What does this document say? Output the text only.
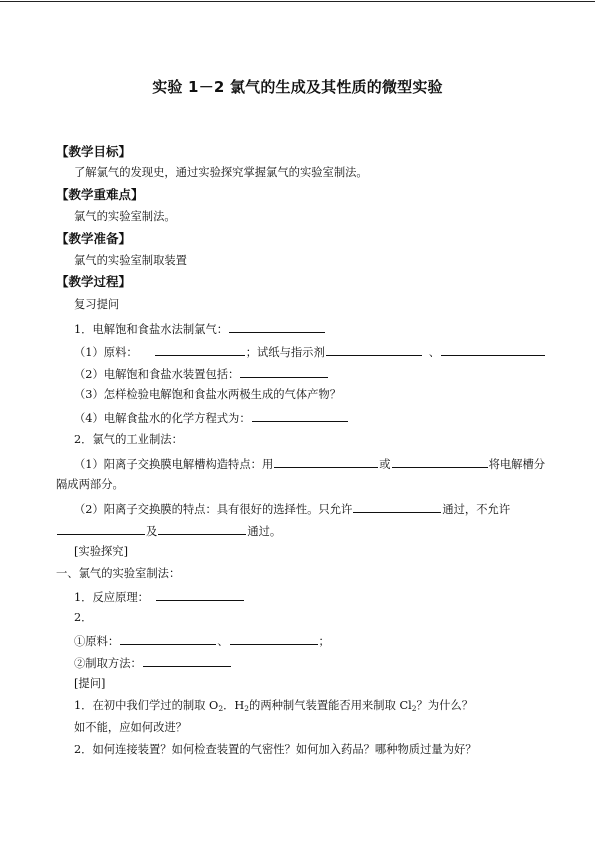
实验 1－2 氯气的生成及其性质的微型实验
【教学目标】
了解氯气的发现史，通过实验探究掌握氯气的实验室制法。
【教学重难点】
氯气的实验室制法。
【教学准备】
氯气的实验室制取装置
【教学过程】
复习提问
1．电解饱和食盐水法制氯气：
（1）原料：	；试纸与指示剂	、
（2）电解饱和食盐水装置包括：
（3）怎样检验电解饱和食盐水两极生成的气体产物？
（4）电解食盐水的化学方程式为：
2．氯气的工业制法：
（1）阳离子交换膜电解槽构造特点：用	或	将电解槽分
隔成两部分。
（2）阳离子交换膜的特点：具有很好的选择性。只允许	通过，不允许
及	通过。
[实验探究]
一、氯气的实验室制法：
1．反应原理：
2．
①原料：	、	；
②制取方法：
[提问]
1．在初中我们学过的制取 $O_2$．$H_2$的两种制气装置能否用来制取 $Cl_2$？为什么？
如不能，应如何改进？
2．如何连接装置？如何检查装置的气密性？如何加入药品？哪种物质过量为好？
